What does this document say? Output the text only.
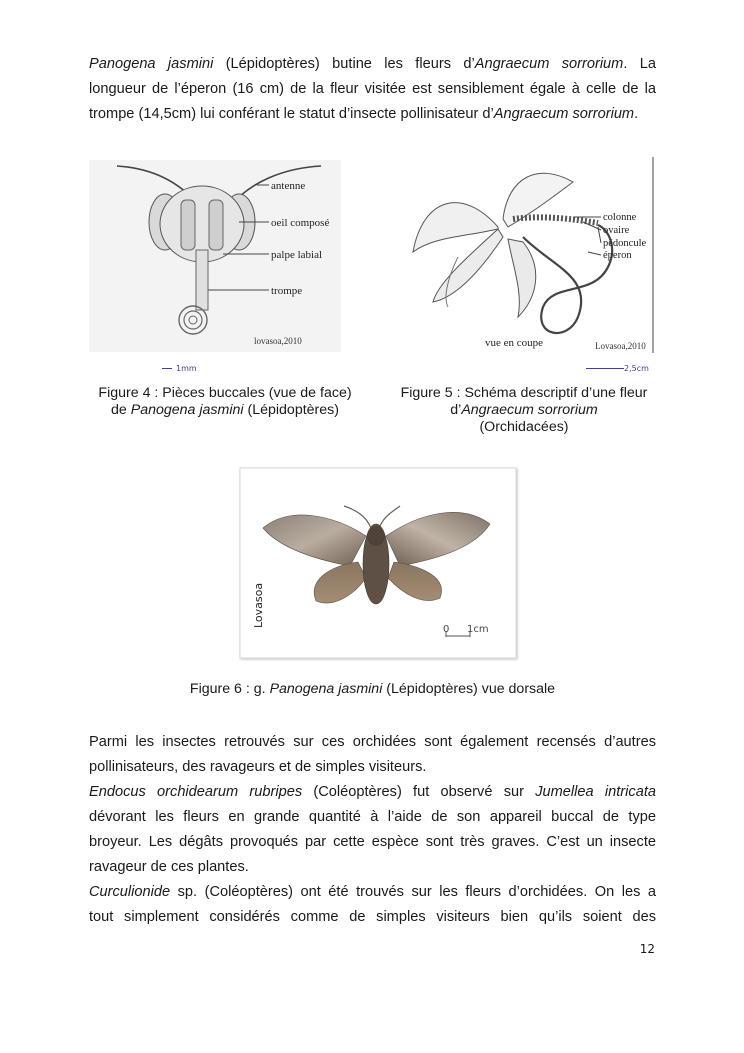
Panogena jasmini (Lépidoptères) butine les fleurs d’Angraecum sorrorium. La
longueur de l’éperon (16 cm) de la fleur visitée est sensiblement égale à celle de la
trompe (14,5cm) lui conférant le statut d’insecte pollinisateur d’Angraecum sorrorium.
antenne
oeil composé
palpe labial
trompe
lovasoa,2010
1mm
colonne
ovaire
pédoncule
éperon
vue en coupe	Lovasoa,2010
2,5cm
Figure 4 : Pièces buccales (vue de face)
de Panogena jasmini (Lépidoptères)
Figure 5 : Schéma descriptif d’une fleur
d’Angraecum sorrorium
(Orchidacées)
Lovasoa
0 1cm
Figure 6 : g. Panogena jasmini (Lépidoptères) vue dorsale
Parmi les insectes retrouvés sur ces orchidées sont également recensés d’autres
pollinisateurs, des ravageurs et de simples visiteurs.
Endocus orchidearum rubripes (Coléoptères) fut observé sur Jumellea intricata
dévorant les fleurs en grande quantité à l’aide de son appareil buccal de type
broyeur. Les dégâts provoqués par cette espèce sont très graves. C’est un insecte
ravageur de ces plantes.
Curculionide sp. (Coléoptères) ont été trouvés sur les fleurs d’orchidées. On les a
tout simplement considérés comme de simples visiteurs bien qu’ils soient des
12
